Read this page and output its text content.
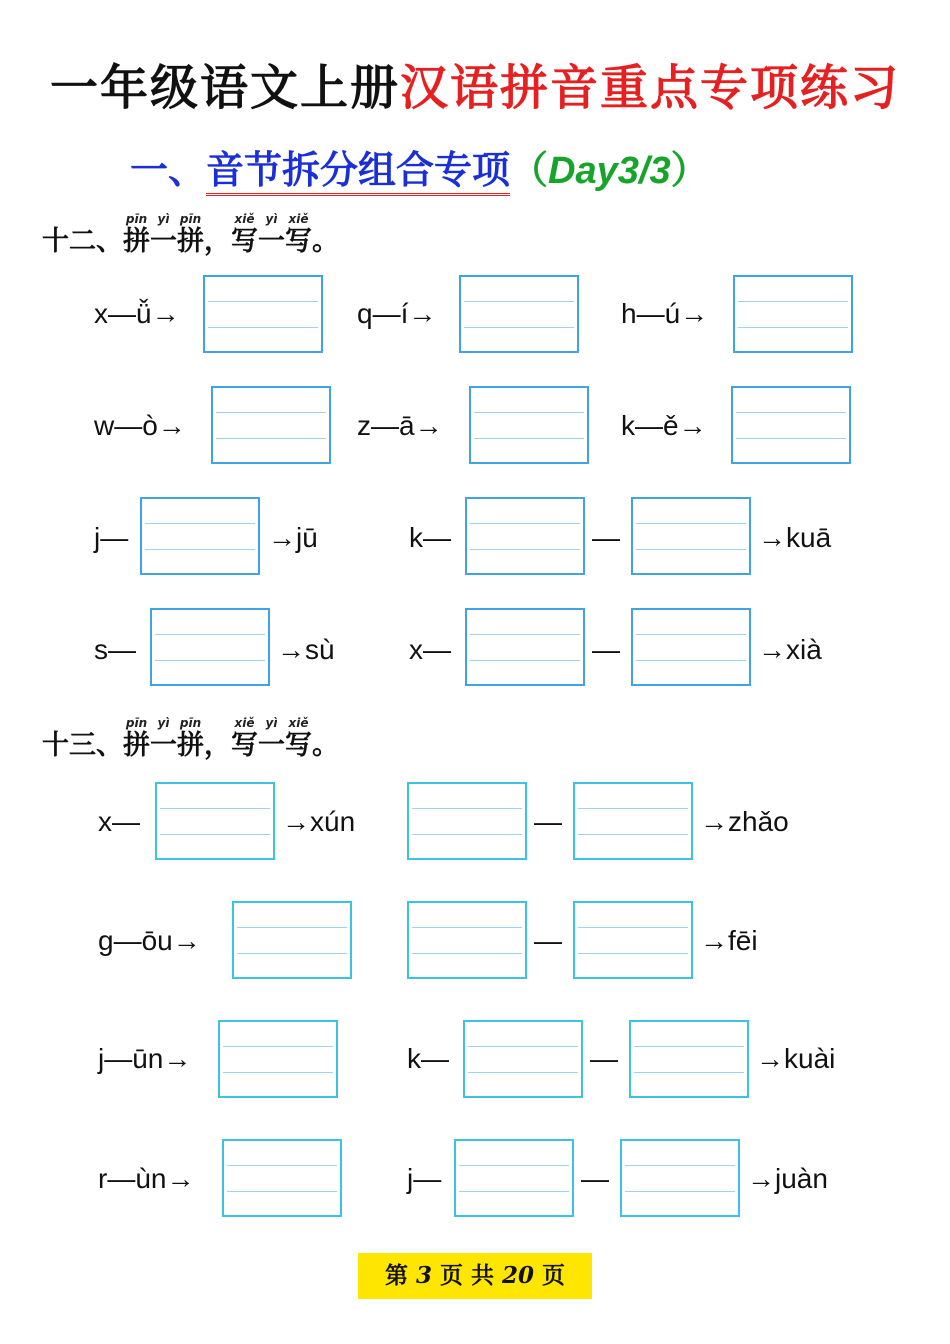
一年级语文上册汉语拼音重点专项练习
一、音节拆分组合专项（Day3/3）
十二、
pīn
拼
yì
一
pīn
拼，
xiě
写
yì
一
xiě
写。
x—ǚ→	q—í→	h—ú→
w—ò→	z—ā→	k—ě→
j—	→jū	k—	—	→kuā
s—	→sù	x—	—	→xià
十三、
pīn
拼
yì
一
pīn
拼，
xiě
写
yì
一
xiě
写。
x—	→xún	—	→zhǎo
g—ōu→	—	→fēi
j—ūn→	k—	—	→kuài
r—ùn→	j—	—	→juàn
第 3 页 共 20 页
